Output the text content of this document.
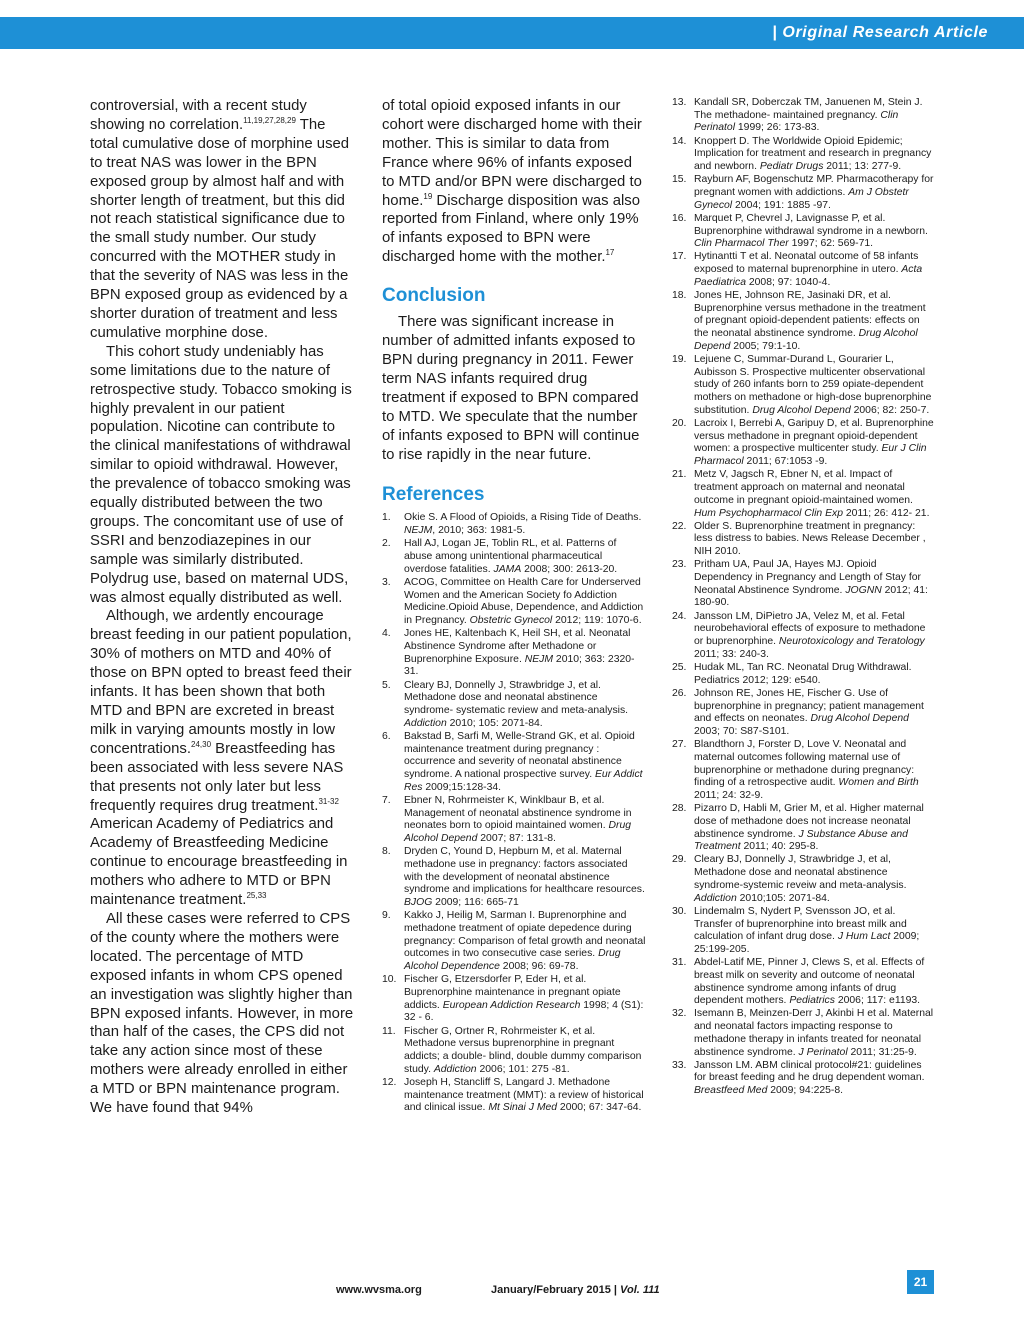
| Original Research Article

controversial, with a recent study showing no correlation.$^{11,19,27,28,29}$ The total cumulative dose of morphine used to treat NAS was lower in the BPN exposed group by almost half and with shorter length of treatment, but this did not reach statistical significance due to the small study number. Our study concurred with the MOTHER study in that the severity of NAS was less in the BPN exposed group as evidenced by a shorter duration of treatment and less cumulative morphine dose.

This cohort study undeniably has some limitations due to the nature of retrospective study. Tobacco smoking is highly prevalent in our patient population. Nicotine can contribute to the clinical manifestations of withdrawal similar to opioid withdrawal. However, the prevalence of tobacco smoking was equally distributed between the two groups. The concomitant use of use of SSRI and benzodiazepines in our sample was similarly distributed. Polydrug use, based on maternal UDS, was almost equally distributed as well.

Although, we ardently encourage breast feeding in our patient population, 30% of mothers on MTD and 40% of those on BPN opted to breast feed their infants. It has been shown that both MTD and BPN are excreted in breast milk in varying amounts mostly in low concentrations.$^{24,30}$ Breastfeeding has been associated with less severe NAS that presents not only later but less frequently requires drug treatment.$^{31-32}$ American Academy of Pediatrics and Academy of Breastfeeding Medicine continue to encourage breastfeeding in mothers who adhere to MTD or BPN maintenance treatment.$^{25,33}$

All these cases were referred to CPS of the county where the mothers were located. The percentage of MTD exposed infants in whom CPS opened an investigation was slightly higher than BPN exposed infants. However, in more than half of the cases, the CPS did not take any action since most of these mothers were already enrolled in either a MTD or BPN maintenance program. We have found that 94%

of total opioid exposed infants in our cohort were discharged home with their mother. This is similar to data from France where 96% of infants exposed to MTD and/or BPN were discharged to home.$^{19}$ Discharge disposition was also reported from Finland, where only 19% of infants exposed to BPN were discharged home with the mother.$^{17}$

Conclusion

There was significant increase in number of admitted infants exposed to BPN during pregnancy in 2011. Fewer term NAS infants required drug treatment if exposed to BPN compared to MTD. We speculate that the number of infants exposed to BPN will continue to rise rapidly in the near future.

References
1. Okie S. A Flood of Opioids, a Rising Tide of Deaths. NEJM, 2010; 363: 1981-5.
2. Hall AJ, Logan JE, Toblin RL, et al. Patterns of abuse among unintentional pharmaceutical overdose fatalities. JAMA 2008; 300: 2613-20.
3. ACOG, Committee on Health Care for Underserved Women and the American Society fo Addiction Medicine.Opioid Abuse, Dependence, and Addiction in Pregnancy. Obstetric Gynecol 2012; 119: 1070-6.
4. Jones HE, Kaltenbach K, Heil SH, et al. Neonatal Abstinence Syndrome after Methadone or Buprenorphine Exposure. NEJM 2010; 363: 2320-31.
5. Cleary BJ, Donnelly J, Strawbridge J, et al. Methadone dose and neonatal abstinence syndrome- systematic review and meta-analysis. Addiction 2010; 105: 2071-84.
6. Bakstad B, Sarfi M, Welle-Strand GK, et al. Opioid maintenance treatment during pregnancy : occurrence and severity of neonatal abstinence syndrome. A national prospective survey. Eur Addict Res 2009;15:128-34.
7. Ebner N, Rohrmeister K, Winklbaur B, et al. Management of neonatal abstinence syndrome in neonates born to opioid maintained women. Drug Alcohol Depend 2007; 87: 131-8.
8. Dryden C, Yound D, Hepburn M, et al. Maternal methadone use in pregnancy: factors associated with the development of neonatal abstinence syndrome and implications for healthcare resources. BJOG 2009; 116: 665-71
9. Kakko J, Heilig M, Sarman I. Buprenorphine and methadone treatment of opiate depedence during pregnancy: Comparison of fetal growth and neonatal outcomes in two consecutive case series. Drug Alcohol Dependence 2008; 96: 69-78.
10. Fischer G, Etzersdorfer P, Eder H, et al. Buprenorphine maintenance in pregnant opiate addicts. European Addiction Research 1998; 4 (S1): 32 - 6.
11. Fischer G, Ortner R, Rohrmeister K, et al. Methadone versus buprenorphine in pregnant addicts; a double- blind, double dummy comparison study. Addiction 2006; 101: 275 -81.
12. Joseph H, Stancliff S, Langard J. Methadone maintenance treatment (MMT): a review of historical and clinical issue. Mt Sinai J Med 2000; 67: 347-64.
13. Kandall SR, Doberczak TM, Januenen M, Stein J. The methadone- maintained pregnancy. Clin Perinatol 1999; 26: 173-83.
14. Knoppert D. The Worldwide Opioid Epidemic; Implication for treatment and research in pregnancy and newborn. Pediatr Drugs 2011; 13: 277-9.
15. Rayburn AF, Bogenschutz MP. Pharmacotherapy for pregnant women with addictions. Am J Obstetr Gynecol 2004; 191: 1885 -97.
16. Marquet P, Chevrel J, Lavignasse P, et al. Buprenorphine withdrawal syndrome in a newborn. Clin Pharmacol Ther 1997; 62: 569-71.
17. Hytinantti T et al. Neonatal outcome of 58 infants exposed to maternal buprenorphine in utero. Acta Paediatrica 2008; 97: 1040-4.
18. Jones HE, Johnson RE, Jasinaki DR, et al. Buprenorphine versus methadone in the treatment of pregnant opioid-dependent patients: effects on the neonatal abstinence syndrome. Drug Alcohol Depend 2005; 79:1-10.
19. Lejuene C, Summar-Durand L, Gourarier L, Aubisson S. Prospective multicenter observational study of 260 infants born to 259 opiate-dependent mothers on methadone or high-dose buprenorphine substitution. Drug Alcohol Depend 2006; 82: 250-7.
20. Lacroix I, Berrebi A, Garipuy D, et al. Buprenorphine versus methadone in pregnant opioid-dependent women: a prospective multicenter study. Eur J Clin Pharmacol 2011; 67:1053 -9.
21. Metz V, Jagsch R, Ebner N, et al. Impact of treatment approach on maternal and neonatal outcome in pregnant opioid-maintained women. Hum Psychopharmacol Clin Exp 2011; 26: 412- 21.
22. Older S. Buprenorphine treatment in pregnancy: less distress to babies. News Release December , NIH 2010.
23. Pritham UA, Paul JA, Hayes MJ. Opioid Dependency in Pregnancy and Length of Stay for Neonatal Abstinence Syndrome. JOGNN 2012; 41: 180-90.
24. Jansson LM, DiPietro JA, Velez M, et al. Fetal neurobehavioral effects of exposure to methadone or buprenorphine. Neurotoxicology and Teratology 2011; 33: 240-3.
25. Hudak ML, Tan RC. Neonatal Drug Withdrawal. Pediatrics 2012; 129: e540.
26. Johnson RE, Jones HE, Fischer G. Use of buprenorphine in pregnancy; patient management and effects on neonates. Drug Alcohol Depend 2003; 70: S87-S101.
27. Blandthorn J, Forster D, Love V. Neonatal and maternal outcomes following maternal use of buprenorphine or methadone during pregnancy: finding of a retrospective audit. Women and Birth 2011; 24: 32-9.
28. Pizarro D, Habli M, Grier M, et al. Higher maternal dose of methadone does not increase neonatal abstinence syndrome. J Substance Abuse and Treatment 2011; 40: 295-8.
29. Cleary BJ, Donnelly J, Strawbridge J, et al, Methadone dose and neonatal abstinence syndrome-systemic reveiw and meta-analysis. Addiction 2010;105: 2071-84.
30. Lindemalm S, Nydert P, Svensson JO, et al. Transfer of buprenorphine into breast milk and calculation of infant drug dose. J Hum Lact 2009; 25:199-205.
31. Abdel-Latif ME, Pinner J, Clews S, et al. Effects of breast milk on severity and outcome of neonatal abstinence syndrome among infants of drug dependent mothers. Pediatrics 2006; 117: e1193.
32. Isemann B, Meinzen-Derr J, Akinbi H et al. Maternal and neonatal factors impacting response to methadone therapy in infants treated for neonatal abstinence syndrome. J Perinatol 2011; 31:25-9.
33. Jansson LM. ABM clinical protocol#21: guidelines for breast feeding and he drug dependent woman. Breastfeed Med 2009; 94:225-8.
www.wvsma.org	January/February 2015 | Vol. 111
21
